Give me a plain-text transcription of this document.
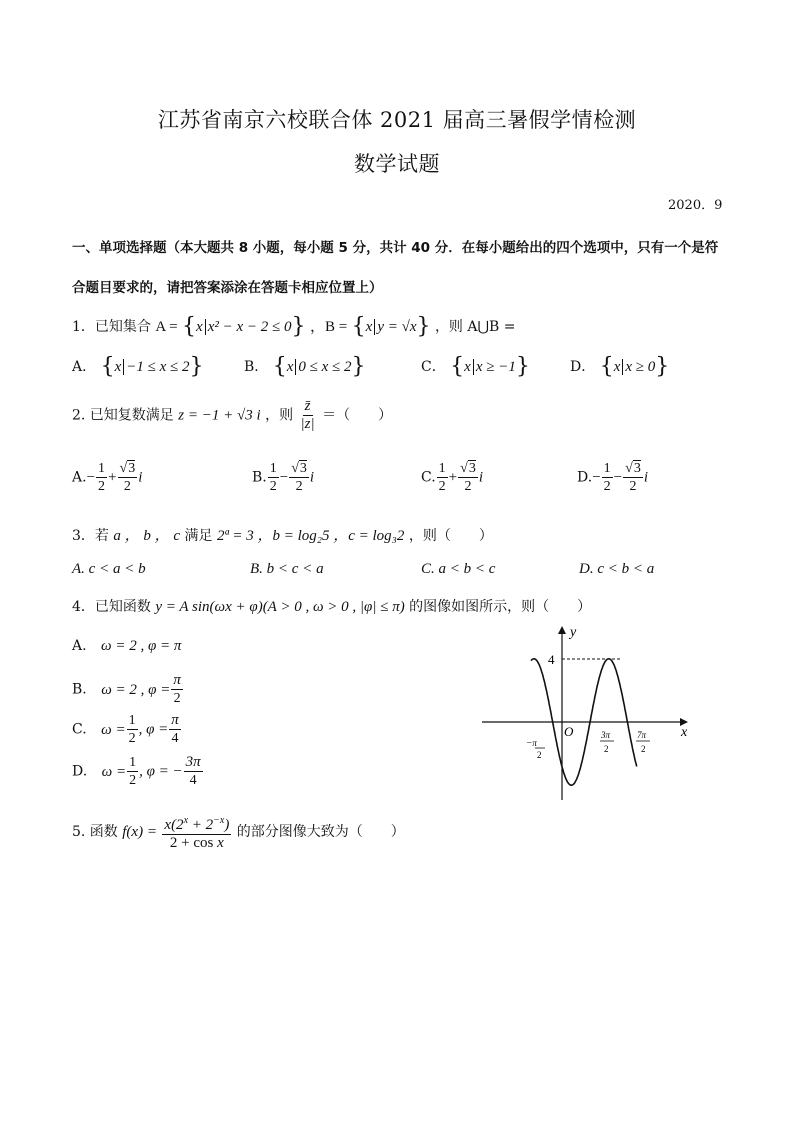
江苏省南京六校联合体 2021 届高三暑假学情检测
数学试题
2020．9
一、单项选择题（本大题共 8 小题，每小题 5 分，共计 40 分．在每小题给出的四个选项中，只有一个是符
合题目要求的，请把答案添涂在答题卡相应位置上）
1．已知集合 A = {x x² − x − 2 ≤ 0} ，B = {x y = √x} ，则 A⋃B =
A． {x −1 ≤ x ≤ 2}	B． {x 0 ≤ x ≤ 2}	C． {x x ≥ −1}	D． {x x ≥ 0}
2. 已知复数满足 z = −1 + √3 i ，则 $\frac{z̄}{|z|}$ ＝（　　）
$A.- \frac{1}{2} + \frac{√3}{2}$ i	B. $\frac{1}{2} - \frac{√3}{2}$ i	C. $\frac{1}{2} + \frac{√3}{2}$ i	$D.- \frac{1}{2} - \frac{√3}{2}$ i
3．若 a ， b ， c 满足 2ª = 3 ，b = log₂5 ，c = log₃2 ，则（　　）
A. c < a < b	B. b < c < a	C. a < b < c	D. c < b < a
4．已知函数 y = A sin(ωx + φ)(A > 0 , ω > 0 , |φ| ≤ π) 的图像如图所示，则（　　）
A. ω = 2 , φ = π
B. ω = 2 , $\varphi = \frac{\pi}{2}$
C. $\omega = \frac{1}{2}$ , $\varphi = \frac{\pi}{4}$
D. $\omega = \frac{1}{2}$ , φ = − $\frac{3\pi}{4}$
y
x
4
O
−π
2
3π
2
7π
2
5. 函数 $f(x) = \frac{x(2^x + 2^{-x})}{\text{2 + cos x}}$ 的部分图像大致为（　　）
